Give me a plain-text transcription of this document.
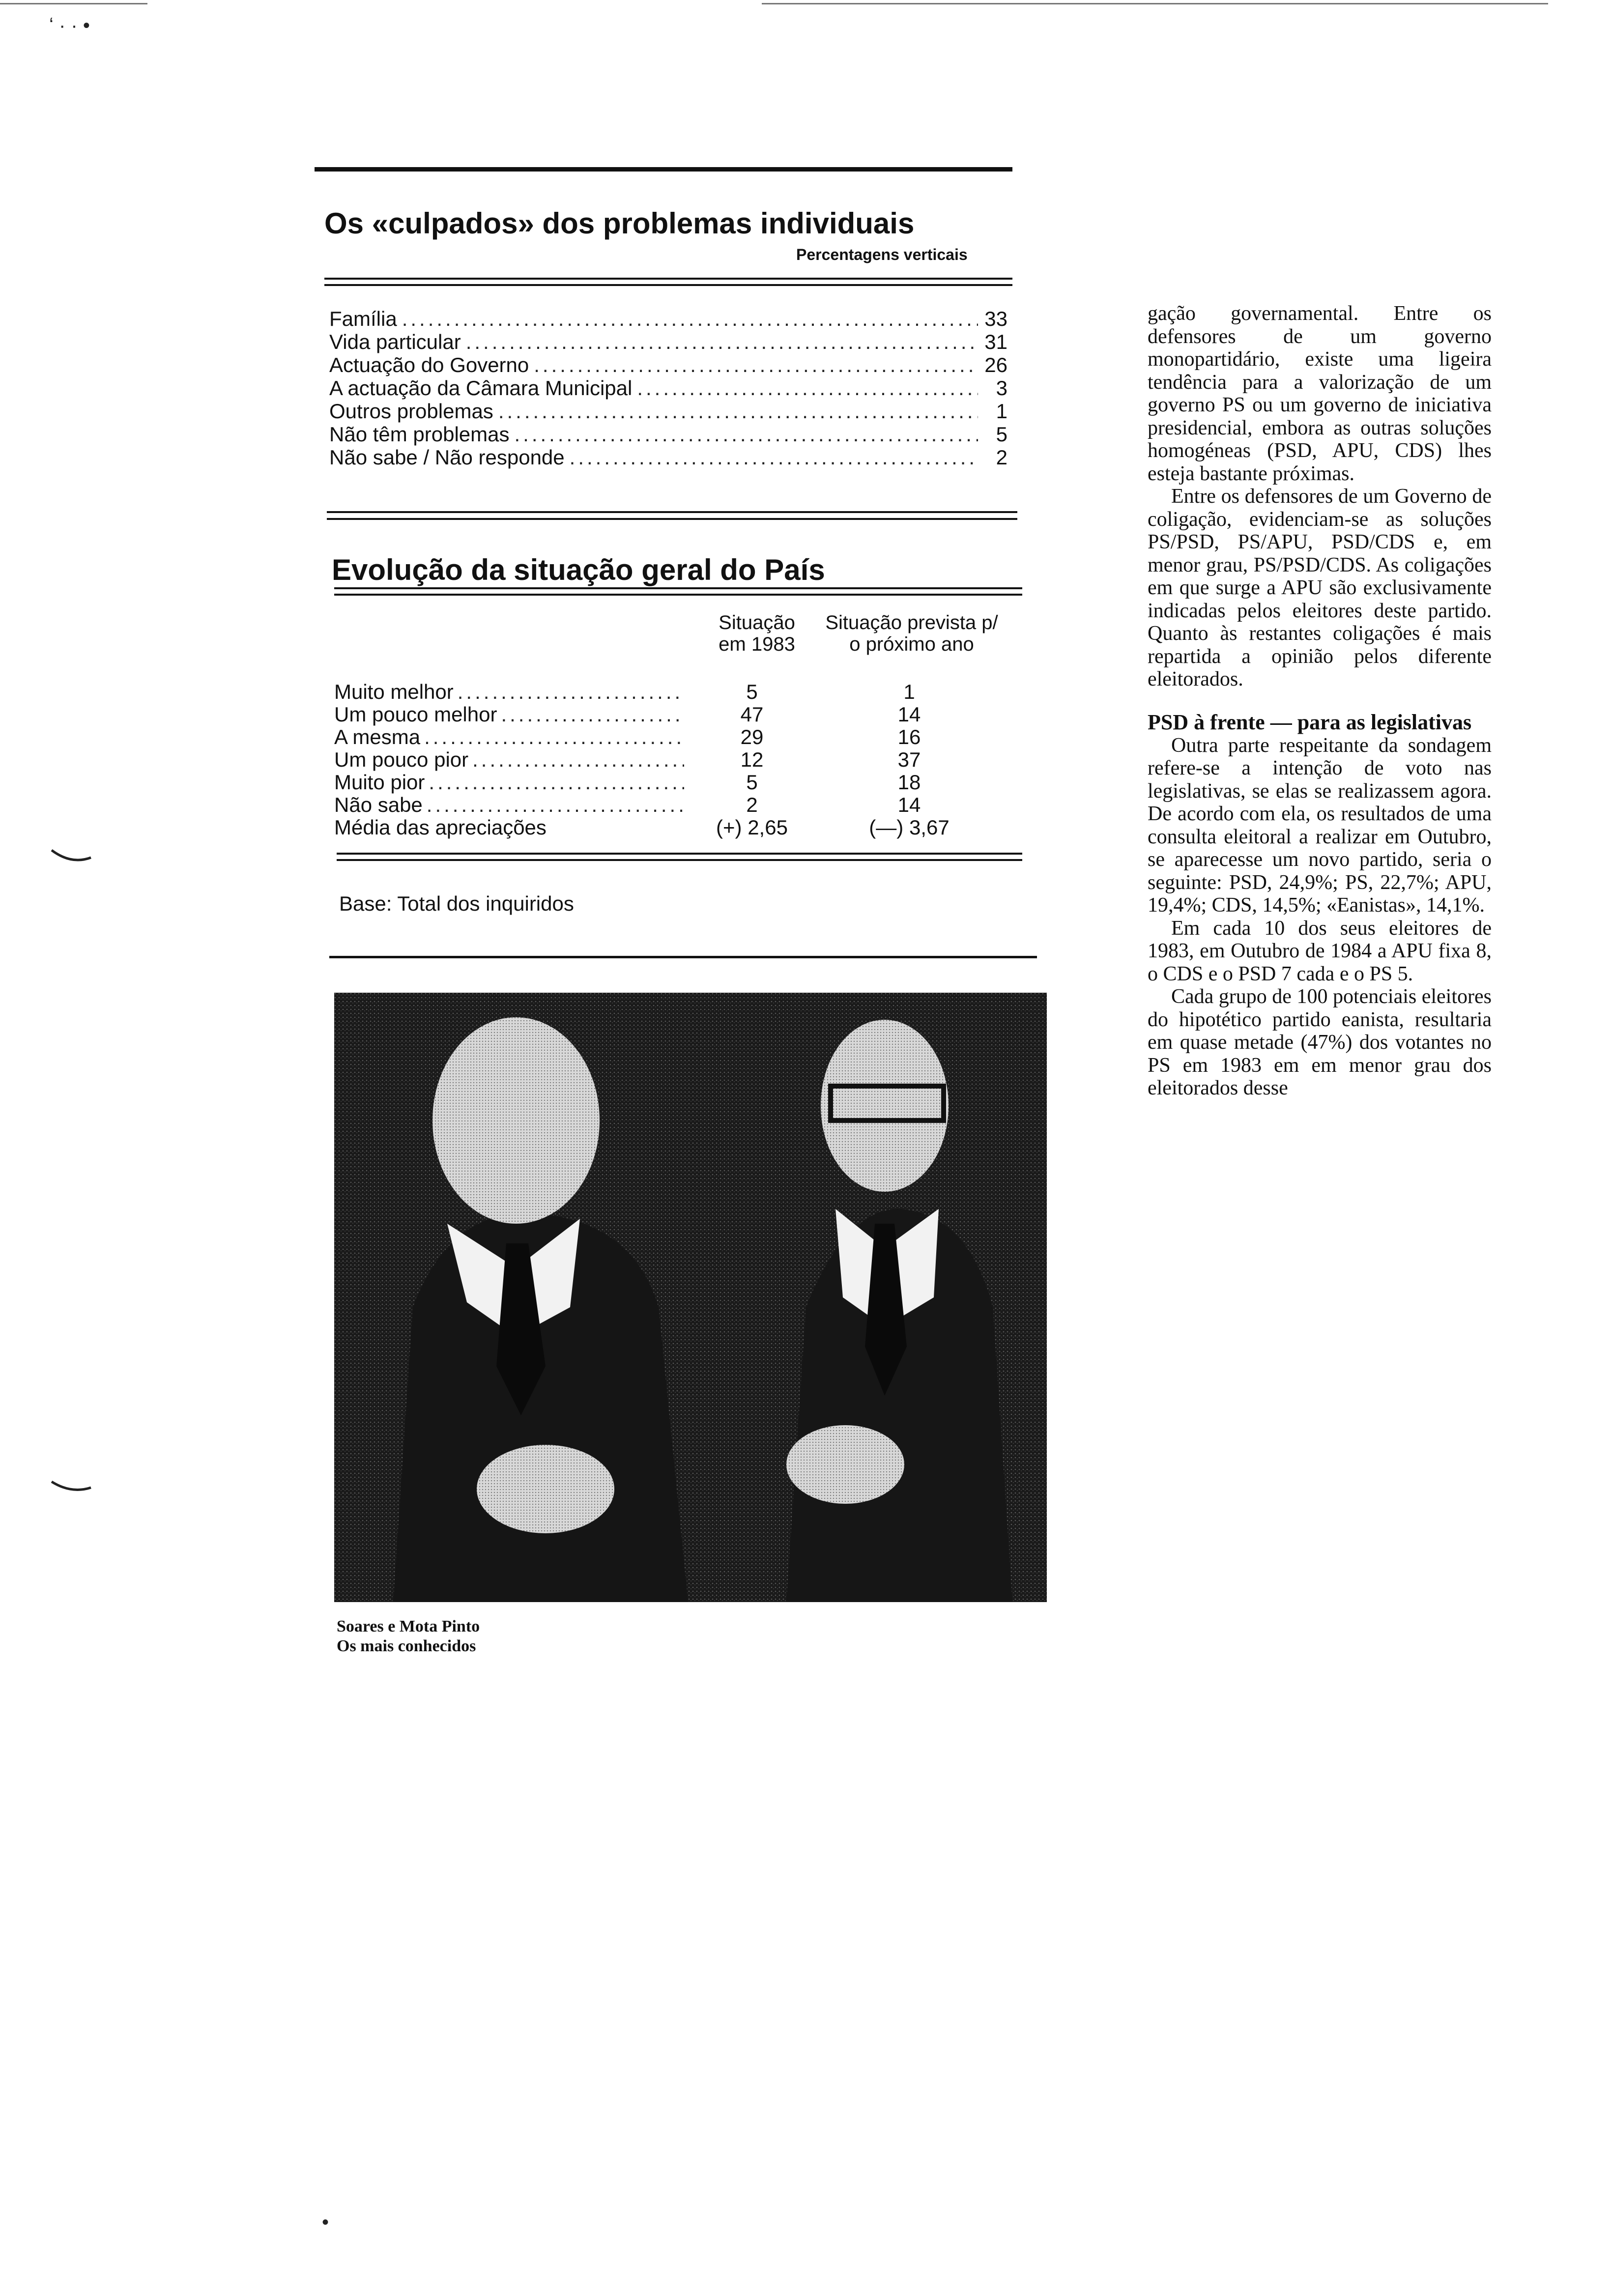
ʻ · · •
Os «culpados» dos problemas individuais
Percentagens verticais
Família .....	33
Vida particular .....	31
Actuação do Governo .....	26
A actuação da Câmara Municipal .....	3
Outros problemas .....	1
Não têm problemas .....	5
Não sabe / Não responde .....	2
Evolução da situação geral do País
Situação em 1983
Situação prevista p/ o próximo ano
Muito melhor .....	5	1
Um pouco melhor .....	47	14
A mesma .....	29	16
Um pouco pior .....	12	37
Muito pior .....	5	18
Não sabe .....	2	14
Média das apreciações	(+) 2,65	(—) 3,67
Base: Total dos inquiridos
Soares e Mota Pinto
Os mais conhecidos

gação governamental. Entre os defensores de um governo monopartidário, existe uma ligeira tendência para a valorização de um governo PS ou um governo de iniciativa presidencial, embora as outras soluções homogéneas (PSD, APU, CDS) lhes esteja bastante próximas.

Entre os defensores de um Governo de coligação, evidenciam-se as soluções PS/PSD, PS/APU, PSD/CDS e, em menor grau, PS/PSD/CDS. As coligações em que surge a APU são exclusivamente indicadas pelos eleitores deste partido. Quanto às restantes coligações é mais repartida a opinião pelos diferente eleitorados.

PSD à frente — para as legislativas

Outra parte respeitante da sondagem refere-se a intenção de voto nas legislativas, se elas se realizassem agora. De acordo com ela, os resultados de uma consulta eleitoral a realizar em Outubro, se aparecesse um novo partido, seria o seguinte: PSD, 24,9%; PS, 22,7%; APU, 19,4%; CDS, 14,5%; «Eanistas», 14,1%.

Em cada 10 dos seus eleitores de 1983, em Outubro de 1984 a APU fixa 8, o CDS e o PSD 7 cada e o PS 5.

Cada grupo de 100 potenciais eleitores do hipotético partido eanista, resultaria em quase metade (47%) dos votantes no PS em 1983 em em menor grau dos eleitorados desse

•
